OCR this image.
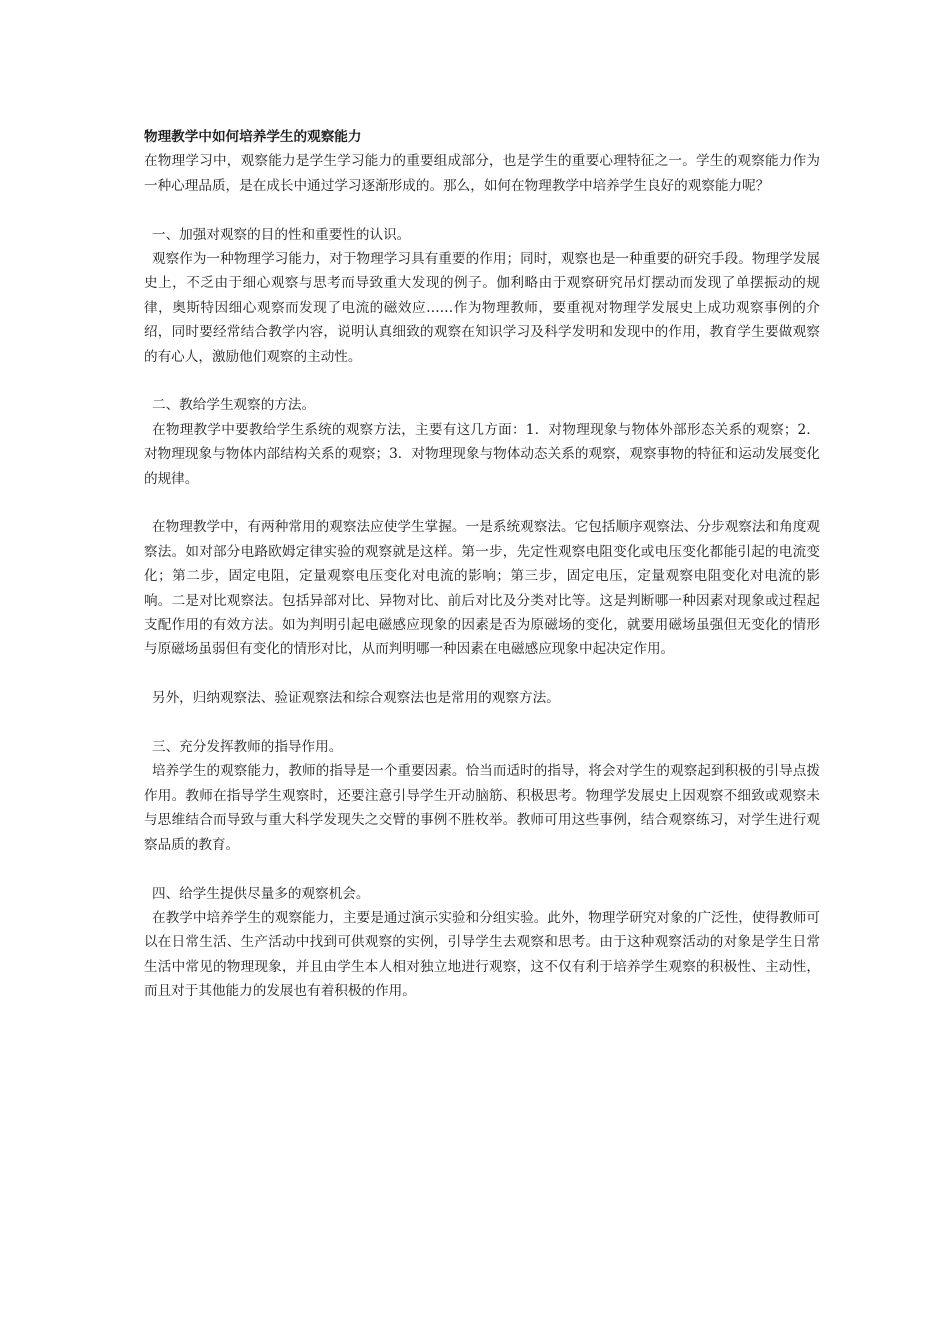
物理教学中如何培养学生的观察能力

在物理学习中，观察能力是学生学习能力的重要组成部分，也是学生的重要心理特征之一。学生的观察能力作为一种心理品质，是在成长中通过学习逐渐形成的。那么，如何在物理教学中培养学生良好的观察能力呢？

一、加强对观察的目的性和重要性的认识。

观察作为一种物理学习能力，对于物理学习具有重要的作用；同时，观察也是一种重要的研究手段。物理学发展史上，不乏由于细心观察与思考而导致重大发现的例子。伽利略由于观察研究吊灯摆动而发现了单摆振动的规律，奥斯特因细心观察而发现了电流的磁效应……作为物理教师，要重视对物理学发展史上成功观察事例的介绍，同时要经常结合教学内容，说明认真细致的观察在知识学习及科学发明和发现中的作用，教育学生要做观察的有心人，激励他们观察的主动性。

二、教给学生观察的方法。

在物理教学中要教给学生系统的观察方法，主要有这几方面：1．对物理现象与物体外部形态关系的观察；2．对物理现象与物体内部结构关系的观察；3．对物理现象与物体动态关系的观察，观察事物的特征和运动发展变化的规律。

在物理教学中，有两种常用的观察法应使学生掌握。一是系统观察法。它包括顺序观察法、分步观察法和角度观察法。如对部分电路欧姆定律实验的观察就是这样。第一步，先定性观察电阻变化或电压变化都能引起的电流变化；第二步，固定电阻，定量观察电压变化对电流的影响；第三步，固定电压，定量观察电阻变化对电流的影响。二是对比观察法。包括异部对比、异物对比、前后对比及分类对比等。这是判断哪一种因素对现象或过程起支配作用的有效方法。如为判明引起电磁感应现象的因素是否为原磁场的变化，就要用磁场虽强但无变化的情形与原磁场虽弱但有变化的情形对比，从而判明哪一种因素在电磁感应现象中起决定作用。

另外，归纳观察法、验证观察法和综合观察法也是常用的观察方法。

三、充分发挥教师的指导作用。

培养学生的观察能力，教师的指导是一个重要因素。恰当而适时的指导，将会对学生的观察起到积极的引导点拨作用。教师在指导学生观察时，还要注意引导学生开动脑筋、积极思考。物理学发展史上因观察不细致或观察未与思维结合而导致与重大科学发现失之交臂的事例不胜枚举。教师可用这些事例，结合观察练习，对学生进行观察品质的教育。

四、给学生提供尽量多的观察机会。

在教学中培养学生的观察能力，主要是通过演示实验和分组实验。此外，物理学研究对象的广泛性，使得教师可以在日常生活、生产活动中找到可供观察的实例，引导学生去观察和思考。由于这种观察活动的对象是学生日常生活中常见的物理现象，并且由学生本人相对独立地进行观察，这不仅有利于培养学生观察的积极性、主动性，而且对于其他能力的发展也有着积极的作用。
